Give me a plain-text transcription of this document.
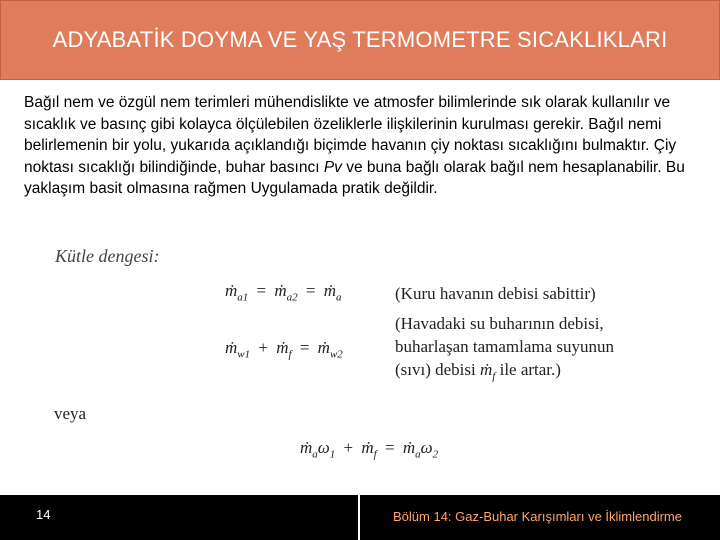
ADYABATİK DOYMA VE YAŞ TERMOMETRE SICAKLIKLARI

Bağıl nem ve özgül nem terimleri mühendislikte ve atmosfer bilimlerinde sık olarak kullanılır ve sıcaklık ve basınç gibi kolayca ölçülebilen özeliklerle ilişkilerinin kurulması gerekir. Bağıl nemi belirlemenin bir yolu, yukarıda açıklandığı biçimde havanın çiy noktası sıcaklığını bulmaktır. Çiy noktası sıcaklığı bilindiğinde, buhar basıncı Pv ve buna bağlı olarak bağıl nem hesaplanabilir. Bu yaklaşım basit olmasına rağmen Uygulamada pratik değildir.

Kütle dengesi:
ṁ$_{a1}$ = ṁ$_{a2}$ = ṁ$_a$
ṁ$_{w1}$ + ṁ$_f$ = ṁ$_{w2}$
(Kuru havanın debisi sabittir)
(Havadaki su buharının debisi,
buharlaşan tamamlama suyunun
(sıvı) debisi ṁ$_f$ ile artar.)
veya
$ṁ_a\omega_1$ + ṁ$_f$ = $ṁ_a\omega_2$
14	Bölüm 14: Gaz-Buhar Karışımları ve İklimlendirme
